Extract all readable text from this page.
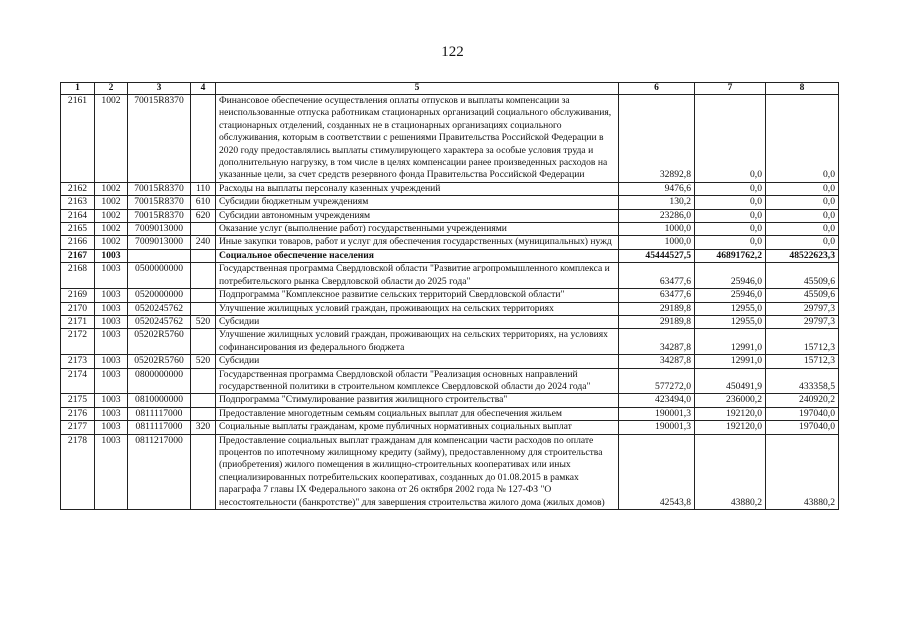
122
1	2	3	4	5	6	7	8
2161	1002	70015R8370		Финансовое обеспечение осуществления оплаты отпусков и выплаты компенсации за неиспользованные отпуска работникам стационарных организаций социального обслуживания, стационарных отделений, созданных не в стационарных организациях социального обслуживания, которым в соответствии с решениями Правительства Российской Федерации в 2020 году предоставлялись выплаты стимулирующего характера за особые условия труда и дополнительную нагрузку, в том числе в целях компенсации ранее произведенных расходов на указанные цели, за счет средств резервного фонда Правительства Российской Федерации	32892,8	0,0	0,0
2162	1002	70015R8370	110	Расходы на выплаты персоналу казенных учреждений	9476,6	0,0	0,0
2163	1002	70015R8370	610	Субсидии бюджетным учреждениям	130,2	0,0	0,0
2164	1002	70015R8370	620	Субсидии автономным учреждениям	23286,0	0,0	0,0
2165	1002	7009013000		Оказание услуг (выполнение работ) государственными учреждениями	1000,0	0,0	0,0
2166	1002	7009013000	240	Иные закупки товаров, работ и услуг для обеспечения государственных (муниципальных) нужд	1000,0	0,0	0,0
2167	1003			Социальное обеспечение населения	45444527,5	46891762,2	48522623,3
2168	1003	0500000000		Государственная программа Свердловской области "Развитие агропромышленного комплекса и потребительского рынка Свердловской области до 2025 года"	63477,6	25946,0	45509,6
2169	1003	0520000000		Подпрограмма "Комплексное развитие сельских территорий Свердловской области"	63477,6	25946,0	45509,6
2170	1003	0520245762		Улучшение жилищных условий граждан, проживающих на сельских территориях	29189,8	12955,0	29797,3
2171	1003	0520245762	520	Субсидии	29189,8	12955,0	29797,3
2172	1003	05202R5760		Улучшение жилищных условий граждан, проживающих на сельских территориях, на условиях софинансирования из федерального бюджета	34287,8	12991,0	15712,3
2173	1003	05202R5760	520	Субсидии	34287,8	12991,0	15712,3
2174	1003	0800000000		Государственная программа Свердловской области "Реализация основных направлений государственной политики в строительном комплексе Свердловской области до 2024 года"	577272,0	450491,9	433358,5
2175	1003	0810000000		Подпрограмма "Стимулирование развития жилищного строительства"	423494,0	236000,2	240920,2
2176	1003	0811117000		Предоставление многодетным семьям социальных выплат для обеспечения жильем	190001,3	192120,0	197040,0
2177	1003	0811117000	320	Социальные выплаты гражданам, кроме публичных нормативных социальных выплат	190001,3	192120,0	197040,0
2178	1003	0811217000		Предоставление социальных выплат гражданам для компенсации части расходов по оплате процентов по ипотечному жилищному кредиту (займу), предоставленному для строительства (приобретения) жилого помещения в жилищно-строительных кооперативах или иных специализированных потребительских кооперативах, созданных до 01.08.2015 в рамках параграфа 7 главы IX Федерального закона от 26 октября 2002 года № 127-ФЗ "О несостоятельности (банкротстве)" для завершения строительства жилого дома (жилых домов)	42543,8	43880,2	43880,2
